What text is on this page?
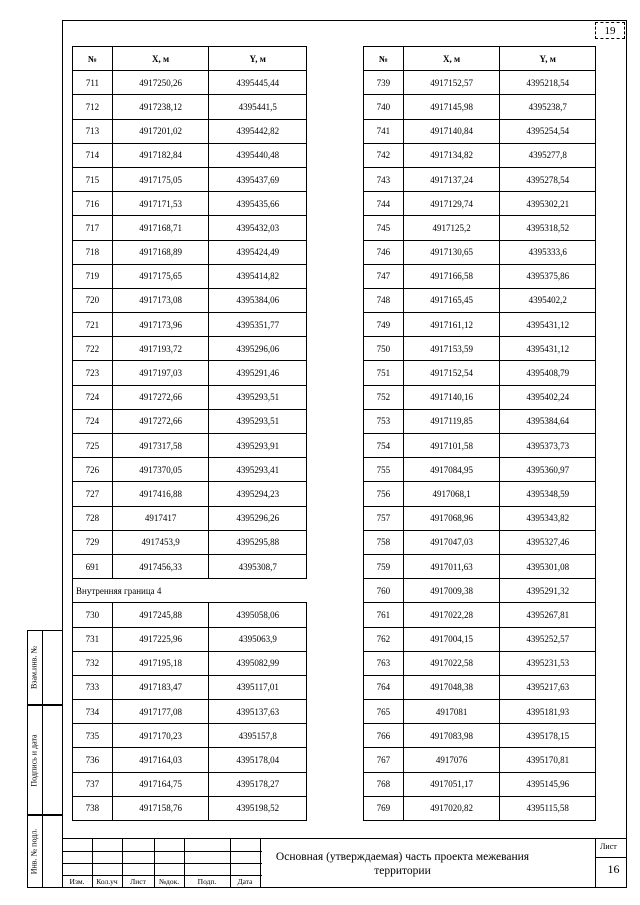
19
№	X, м	Y, м
711	4917250,26	4395445,44
712	4917238,12	4395441,5
713	4917201,02	4395442,82
714	4917182,84	4395440,48
715	4917175,05	4395437,69
716	4917171,53	4395435,66
717	4917168,71	4395432,03
718	4917168,89	4395424,49
719	4917175,65	4395414,82
720	4917173,08	4395384,06
721	4917173,96	4395351,77
722	4917193,72	4395296,06
723	4917197,03	4395291,46
724	4917272,66	4395293,51
724	4917272,66	4395293,51
725	4917317,58	4395293,91
726	4917370,05	4395293,41
727	4917416,88	4395294,23
728	4917417	4395296,26
729	4917453,9	4395295,88
691	4917456,33	4395308,7
Внутренняя граница 4		
730	4917245,88	4395058,06
731	4917225,96	4395063,9
732	4917195,18	4395082,99
733	4917183,47	4395117,01
734	4917177,08	4395137,63
735	4917170,23	4395157,8
736	4917164,03	4395178,04
737	4917164,75	4395178,27
738	4917158,76	4395198,52
№	X, м	Y, м
739	4917152,57	4395218,54
740	4917145,98	4395238,7
741	4917140,84	4395254,54
742	4917134,82	4395277,8
743	4917137,24	4395278,54
744	4917129,74	4395302,21
745	4917125,2	4395318,52
746	4917130,65	4395333,6
747	4917166,58	4395375,86
748	4917165,45	4395402,2
749	4917161,12	4395431,12
750	4917153,59	4395431,12
751	4917152,54	4395408,79
752	4917140,16	4395402,24
753	4917119,85	4395384,64
754	4917101,58	4395373,73
755	4917084,95	4395360,97
756	4917068,1	4395348,59
757	4917068,96	4395343,82
758	4917047,03	4395327,46
759	4917011,63	4395301,08
760	4917009,38	4395291,32
761	4917022,28	4395267,81
762	4917004,15	4395252,57
763	4917022,58	4395231,53
764	4917048,38	4395217,63
765	4917081	4395181,93
766	4917083,98	4395178,15
767	4917076	4395170,81
768	4917051,17	4395145,96
769	4917020,82	4395115,58
Взам.инв. №
Подпись и дата
Инв. № подл.
Изм.	Кол.уч	Лист	№док.	Подп.	Дата
Основная (утверждаемая) часть проекта межевания территории
Лист
16
